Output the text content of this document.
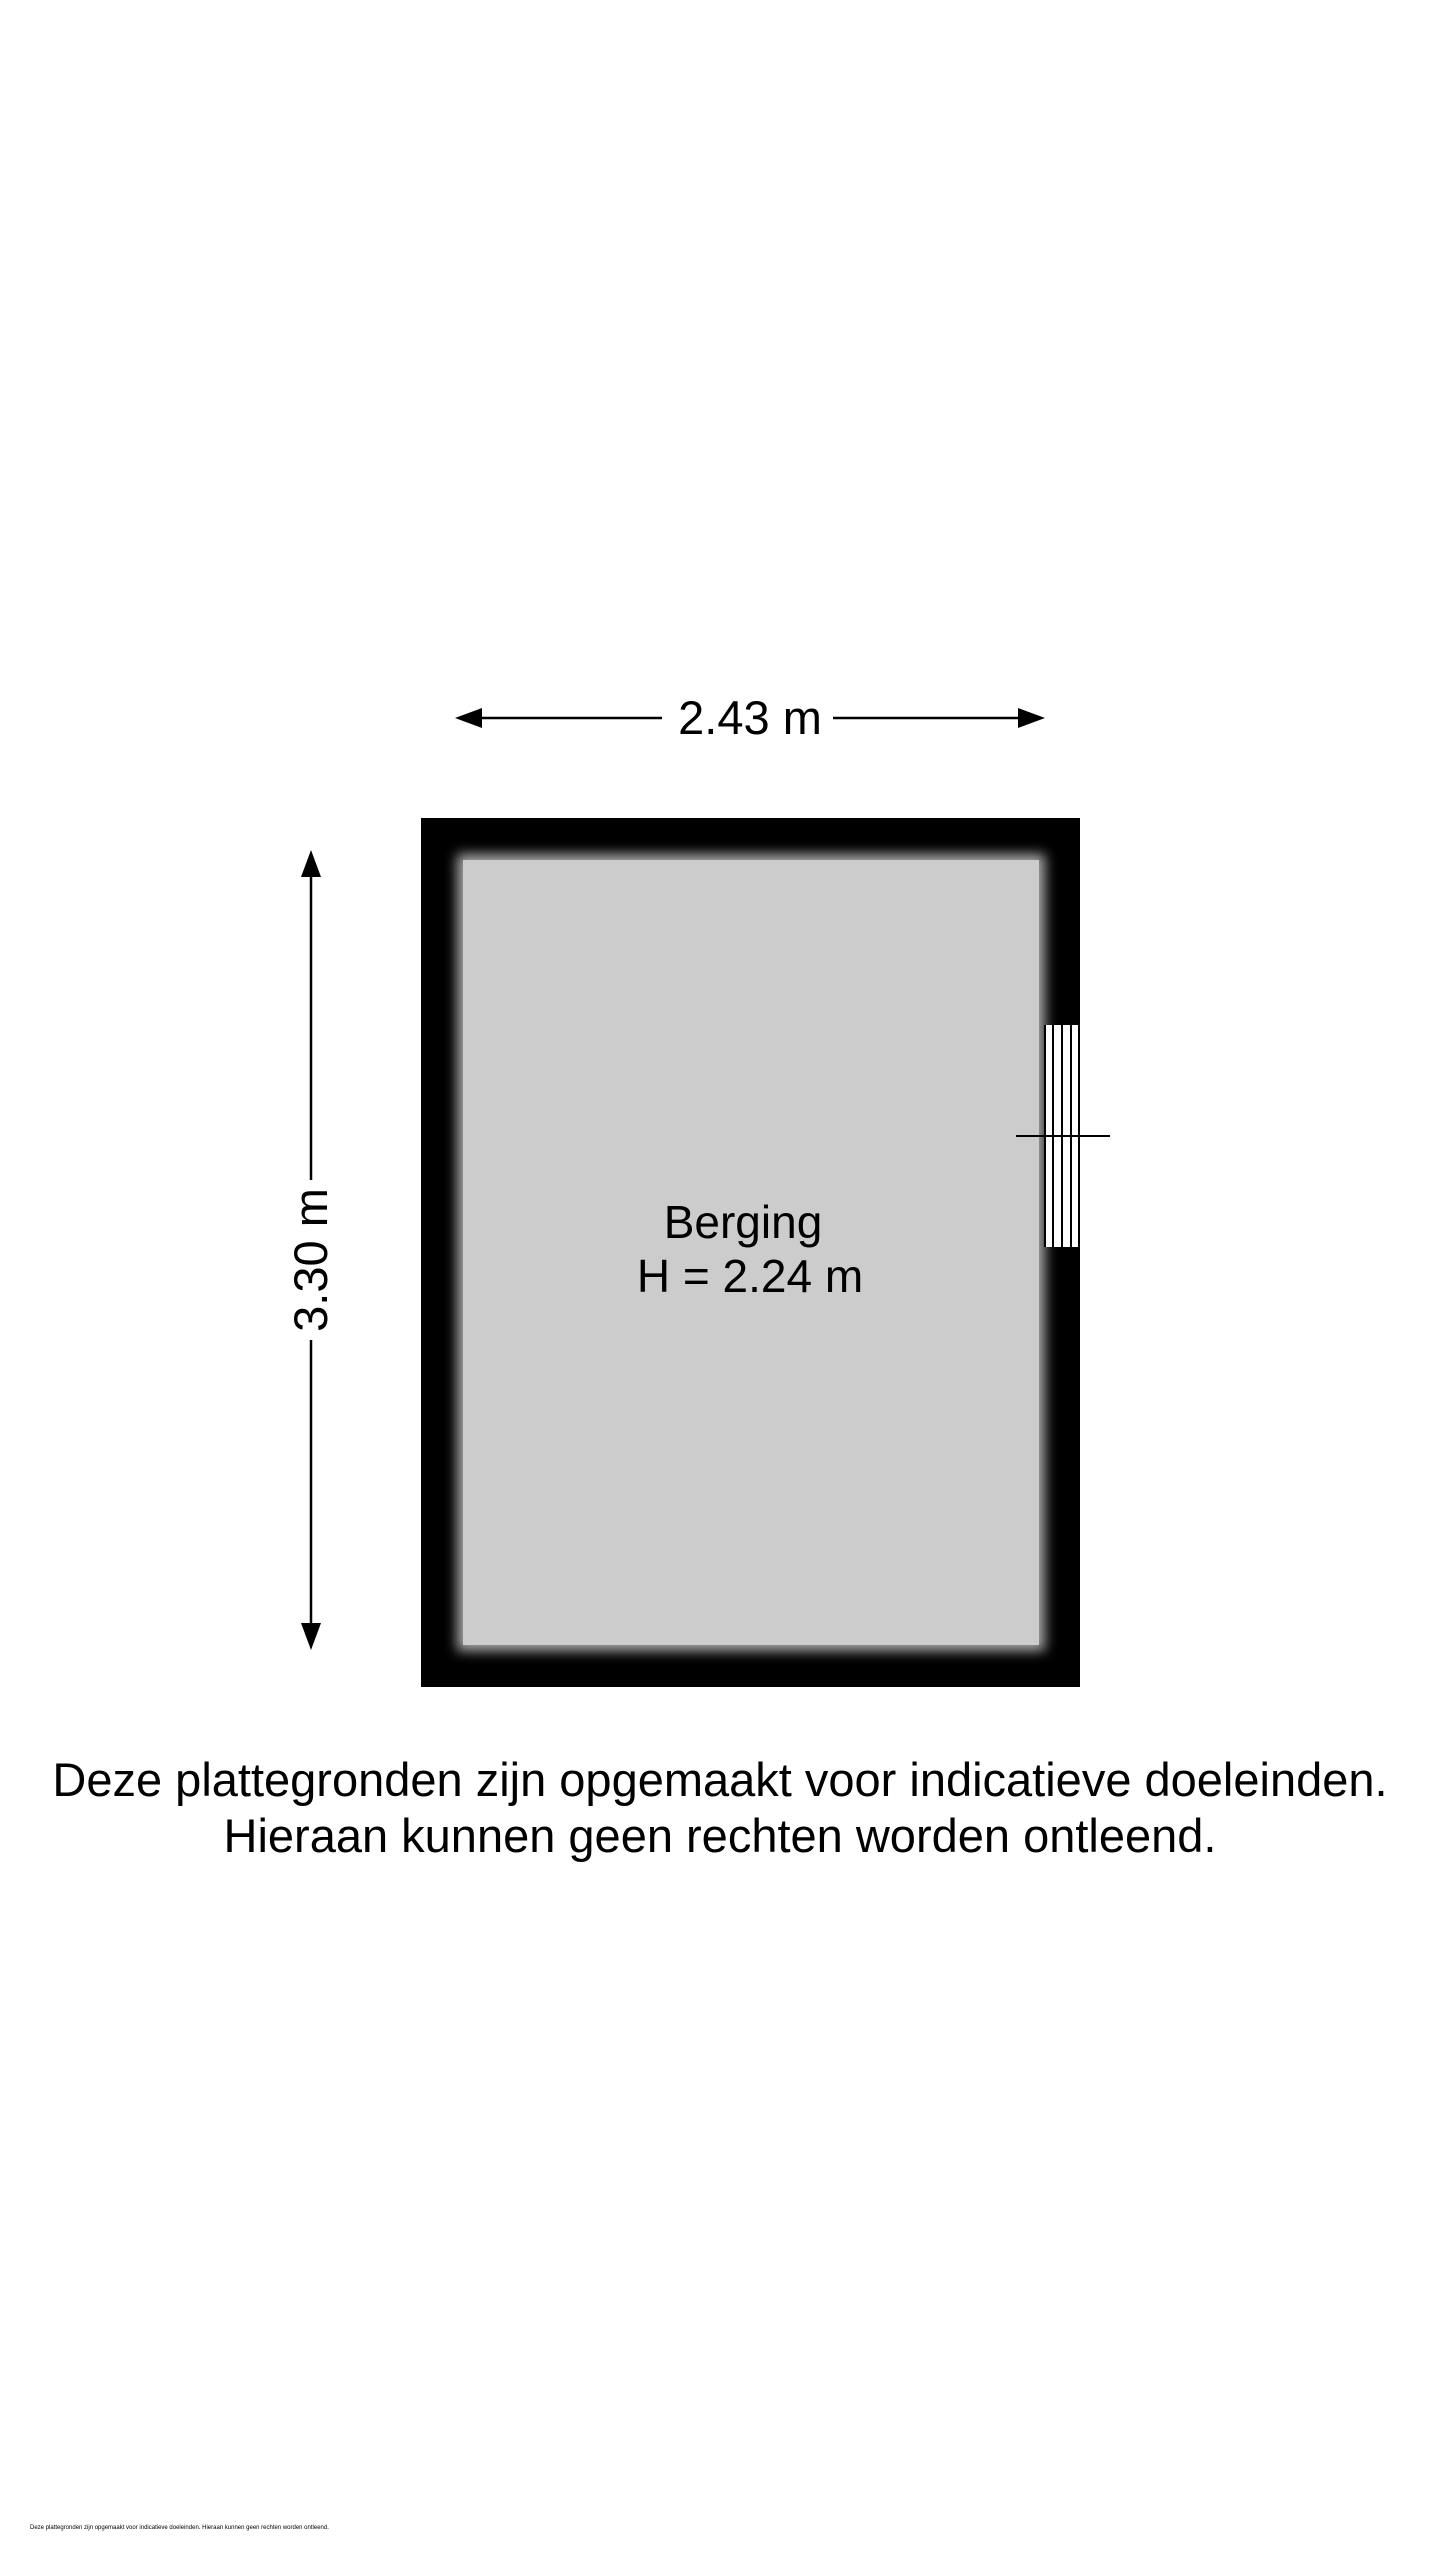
2.43 m
3.30 m	Berging
H = 2.24 m
Deze plattegronden zijn opgemaakt voor indicatieve doeleinden.
Hieraan kunnen geen rechten worden ontleend.
Deze plattegronden zijn opgemaakt voor indicatieve doeleinden. Hieraan kunnen geen rechten worden ontleend.
